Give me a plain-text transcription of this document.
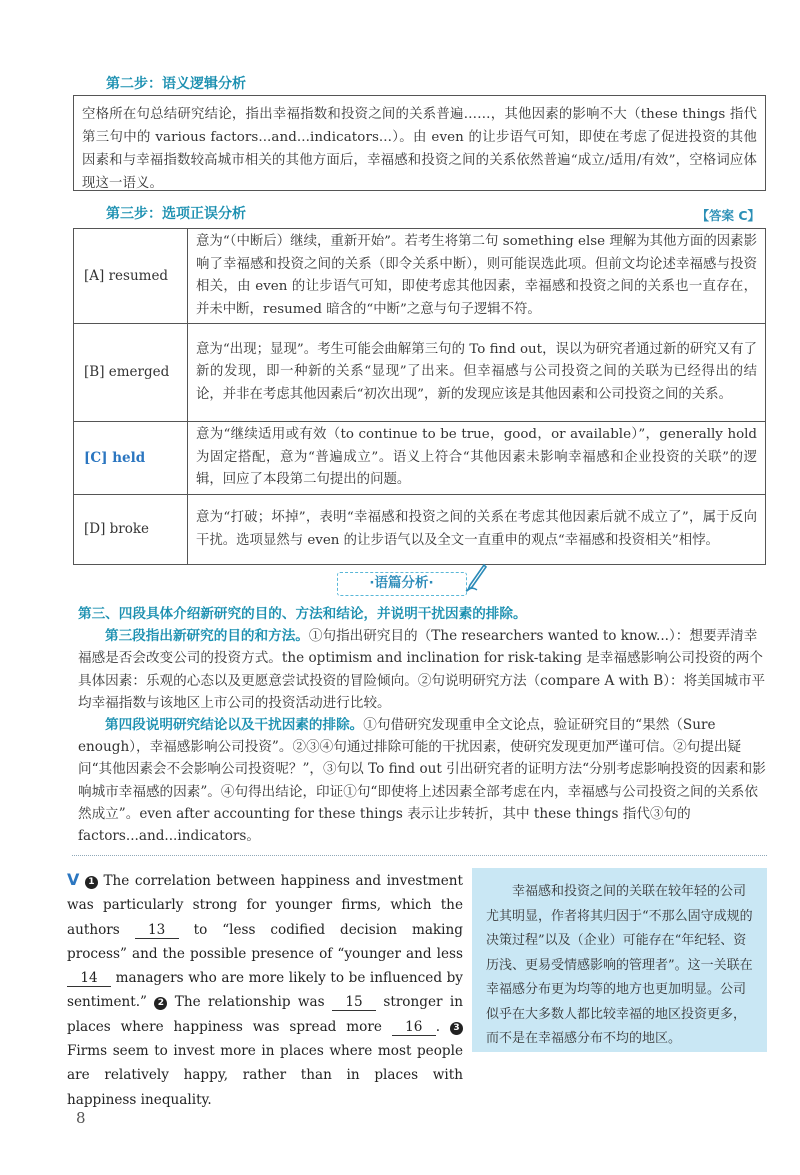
第二步：语义逻辑分析

空格所在句总结研究结论，指出幸福指数和投资之间的关系普遍……，其他因素的影响不大（these things 指代第三句中的 various factors...and...indicators...）。由 even 的让步语气可知，即使在考虑了促进投资的其他因素和与幸福指数较高城市相关的其他方面后，幸福感和投资之间的关系依然普遍“成立/适用/有效”，空格词应体现这一语义。

第三步：选项正误分析	【答案 C】
[A] resumed	意为“（中断后）继续，重新开始”。若考生将第二句 something else 理解为其他方面的因素影响了幸福感和投资之间的关系（即令关系中断），则可能误选此项。但前文均论述幸福感与投资相关，由 even 的让步语气可知，即使考虑其他因素，幸福感和投资之间的关系也一直存在，并未中断，resumed 暗含的“中断”之意与句子逻辑不符。
[B] emerged	意为“出现；显现”。考生可能会曲解第三句的 To find out，误以为研究者通过新的研究又有了新的发现，即一种新的关系“显现”了出来。但幸福感与公司投资之间的关联为已经得出的结论，并非在考虑其他因素后“初次出现”，新的发现应该是其他因素和公司投资之间的关系。
[C] held	意为“继续适用或有效（to continue to be true，good，or available）”，generally hold 为固定搭配，意为“普遍成立”。语义上符合“其他因素未影响幸福感和企业投资的关联”的逻辑，回应了本段第二句提出的问题。
[D] broke	意为“打破；坏掉”，表明“幸福感和投资之间的关系在考虑其他因素后就不成立了”，属于反向干扰。选项显然与 even 的让步语气以及全文一直重申的观点“幸福感和投资相关”相悖。
·语篇分析·
第三、四段具体介绍新研究的目的、方法和结论，并说明干扰因素的排除。
第三段指出新研究的目的和方法。①句指出研究目的（The researchers wanted to know...）：想要弄清幸福感是否会改变公司的投资方式。the optimism and inclination for risk-taking 是幸福感影响公司投资的两个具体因素：乐观的心态以及更愿意尝试投资的冒险倾向。②句说明研究方法（compare A with B）：将美国城市平均幸福指数与该地区上市公司的投资活动进行比较。
第四段说明研究结论以及干扰因素的排除。①句借研究发现重申全文论点，验证研究目的“果然（Sure enough），幸福感影响公司投资”。②③④句通过排除可能的干扰因素，使研究发现更加严谨可信。②句提出疑问“其他因素会不会影响公司投资呢？”，③句以 To find out 引出研究者的证明方法“分别考虑影响投资的因素和影响城市幸福感的因素”。④句得出结论，印证①句“即使将上述因素全部考虑在内，幸福感与公司投资之间的关系依然成立”。even after accounting for these things 表示让步转折，其中 these things 指代③句的 factors...and...indicators。
V 1 The correlation between happiness and investment was particularly strong for younger firms, which the authors 13 to “less codified decision making process” and the possible presence of “younger and less 14 managers who are more likely to be influenced by sentiment.” 2 The relationship was 15 stronger in places where happiness was spread more 16 . 3 Firms seem to invest more in places where most people are relatively happy, rather than in places with happiness inequality.
幸福感和投资之间的关联在较年轻的公司尤其明显，作者将其归因于“不那么固守成规的决策过程”以及（企业）可能存在“年纪轻、资历浅、更易受情感影响的管理者”。这一关联在幸福感分布更为均等的地方也更加明显。公司似乎在大多数人都比较幸福的地区投资更多，而不是在幸福感分布不均的地区。
8
